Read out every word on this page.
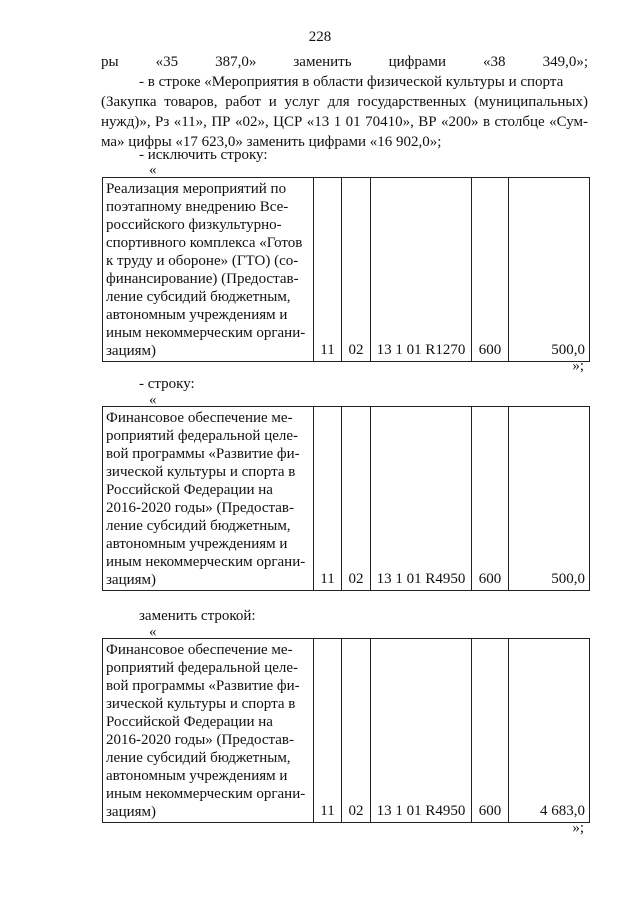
228
ры «35 387,0» заменить цифрами «38 349,0»;
- в строке «Мероприятия в области физической культуры и спорта
(Закупка товаров, работ и услуг для государственных (муниципальных)
нужд)», Рз «11», ПР «02», ЦСР «13 1 01 70410», ВР «200» в столбце «Сум-
ма» цифры «17 623,0» заменить цифрами «16 902,0»;
- исключить строку:
«
Реализация мероприятий по
поэтапному внедрению Все-
российского физкультурно-
спортивного комплекса «Готов
к труду и обороне» (ГТО) (со-
финансирование) (Предостав-
ление субсидий бюджетным,
автономным учреждениям и
иным некоммерческим органи-
зациям)	11	02	13 1 01 R1270	600	500,0
»;
- строку:
«
Финансовое обеспечение ме-
роприятий федеральной целе-
вой программы «Развитие фи-
зической культуры и спорта в
Российской Федерации на
2016-2020 годы» (Предостав-
ление субсидий бюджетным,
автономным учреждениям и
иным некоммерческим органи-
зациям)	11	02	13 1 01 R4950	600	500,0
заменить строкой:
«
Финансовое обеспечение ме-
роприятий федеральной целе-
вой программы «Развитие фи-
зической культуры и спорта в
Российской Федерации на
2016-2020 годы» (Предостав-
ление субсидий бюджетным,
автономным учреждениям и
иным некоммерческим органи-
зациям)	11	02	13 1 01 R4950	600	4 683,0
»;
